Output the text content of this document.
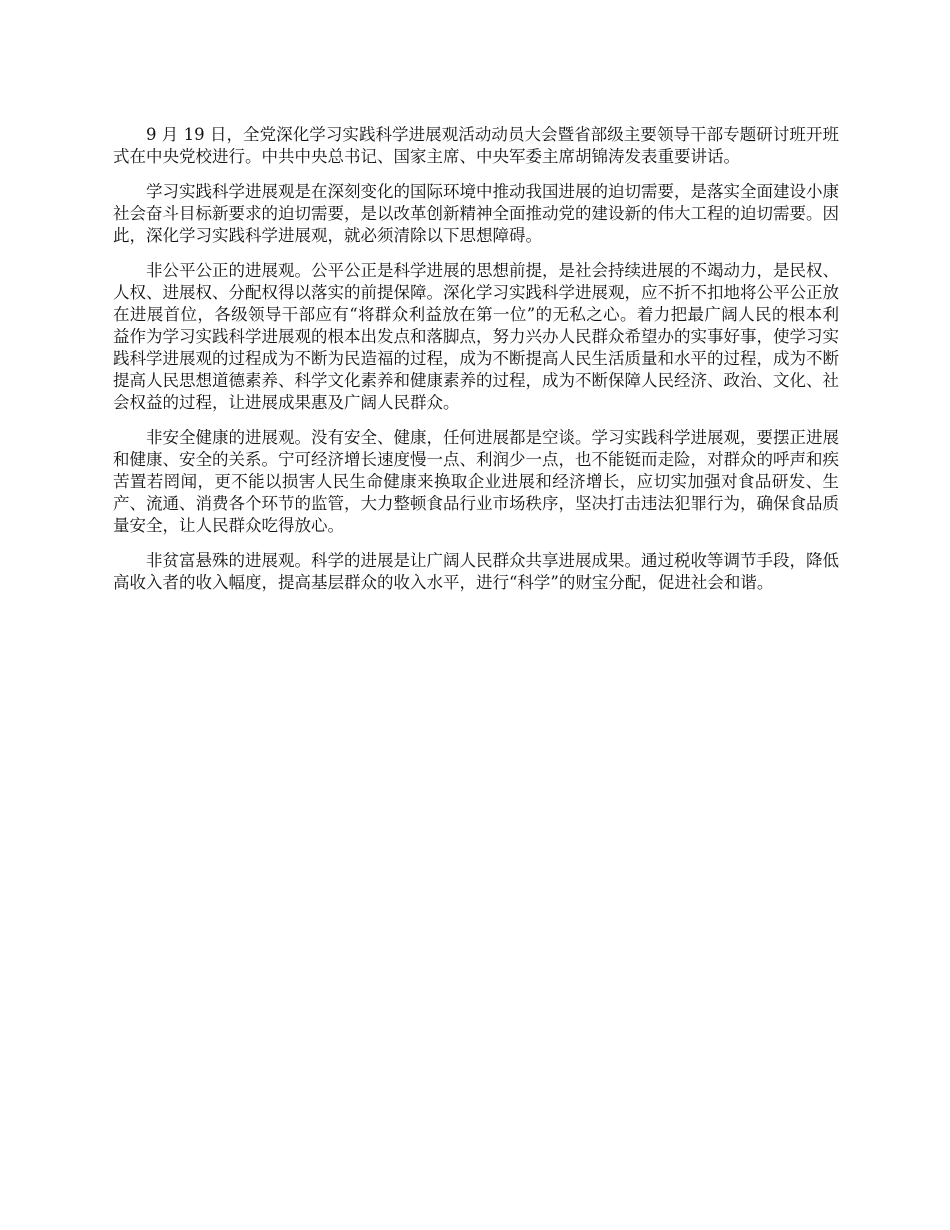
9 月 19 日，全党深化学习实践科学进展观活动动员大会暨省部级主要领导干部专题研讨班开班式在中央党校进行。中共中央总书记、国家主席、中央军委主席胡锦涛发表重要讲话。

学习实践科学进展观是在深刻变化的国际环境中推动我国进展的迫切需要，是落实全面建设小康社会奋斗目标新要求的迫切需要，是以改革创新精神全面推动党的建设新的伟大工程的迫切需要。因此，深化学习实践科学进展观，就必须清除以下思想障碍。

非公平公正的进展观。公平公正是科学进展的思想前提，是社会持续进展的不竭动力，是民权、人权、进展权、分配权得以落实的前提保障。深化学习实践科学进展观，应不折不扣地将公平公正放在进展首位，各级领导干部应有“将群众利益放在第一位”的无私之心。着力把最广阔人民的根本利益作为学习实践科学进展观的根本出发点和落脚点，努力兴办人民群众希望办的实事好事，使学习实践科学进展观的过程成为不断为民造福的过程，成为不断提高人民生活质量和水平的过程，成为不断提高人民思想道德素养、科学文化素养和健康素养的过程，成为不断保障人民经济、政治、文化、社会权益的过程，让进展成果惠及广阔人民群众。

非安全健康的进展观。没有安全、健康，任何进展都是空谈。学习实践科学进展观，要摆正进展和健康、安全的关系。宁可经济增长速度慢一点、利润少一点，也不能铤而走险，对群众的呼声和疾苦置若罔闻，更不能以损害人民生命健康来换取企业进展和经济增长，应切实加强对食品研发、生产、流通、消费各个环节的监管，大力整顿食品行业市场秩序，坚决打击违法犯罪行为，确保食品质量安全，让人民群众吃得放心。

非贫富悬殊的进展观。科学的进展是让广阔人民群众共享进展成果。通过税收等调节手段，降低高收入者的收入幅度，提高基层群众的收入水平，进行“科学”的财宝分配，促进社会和谐。
